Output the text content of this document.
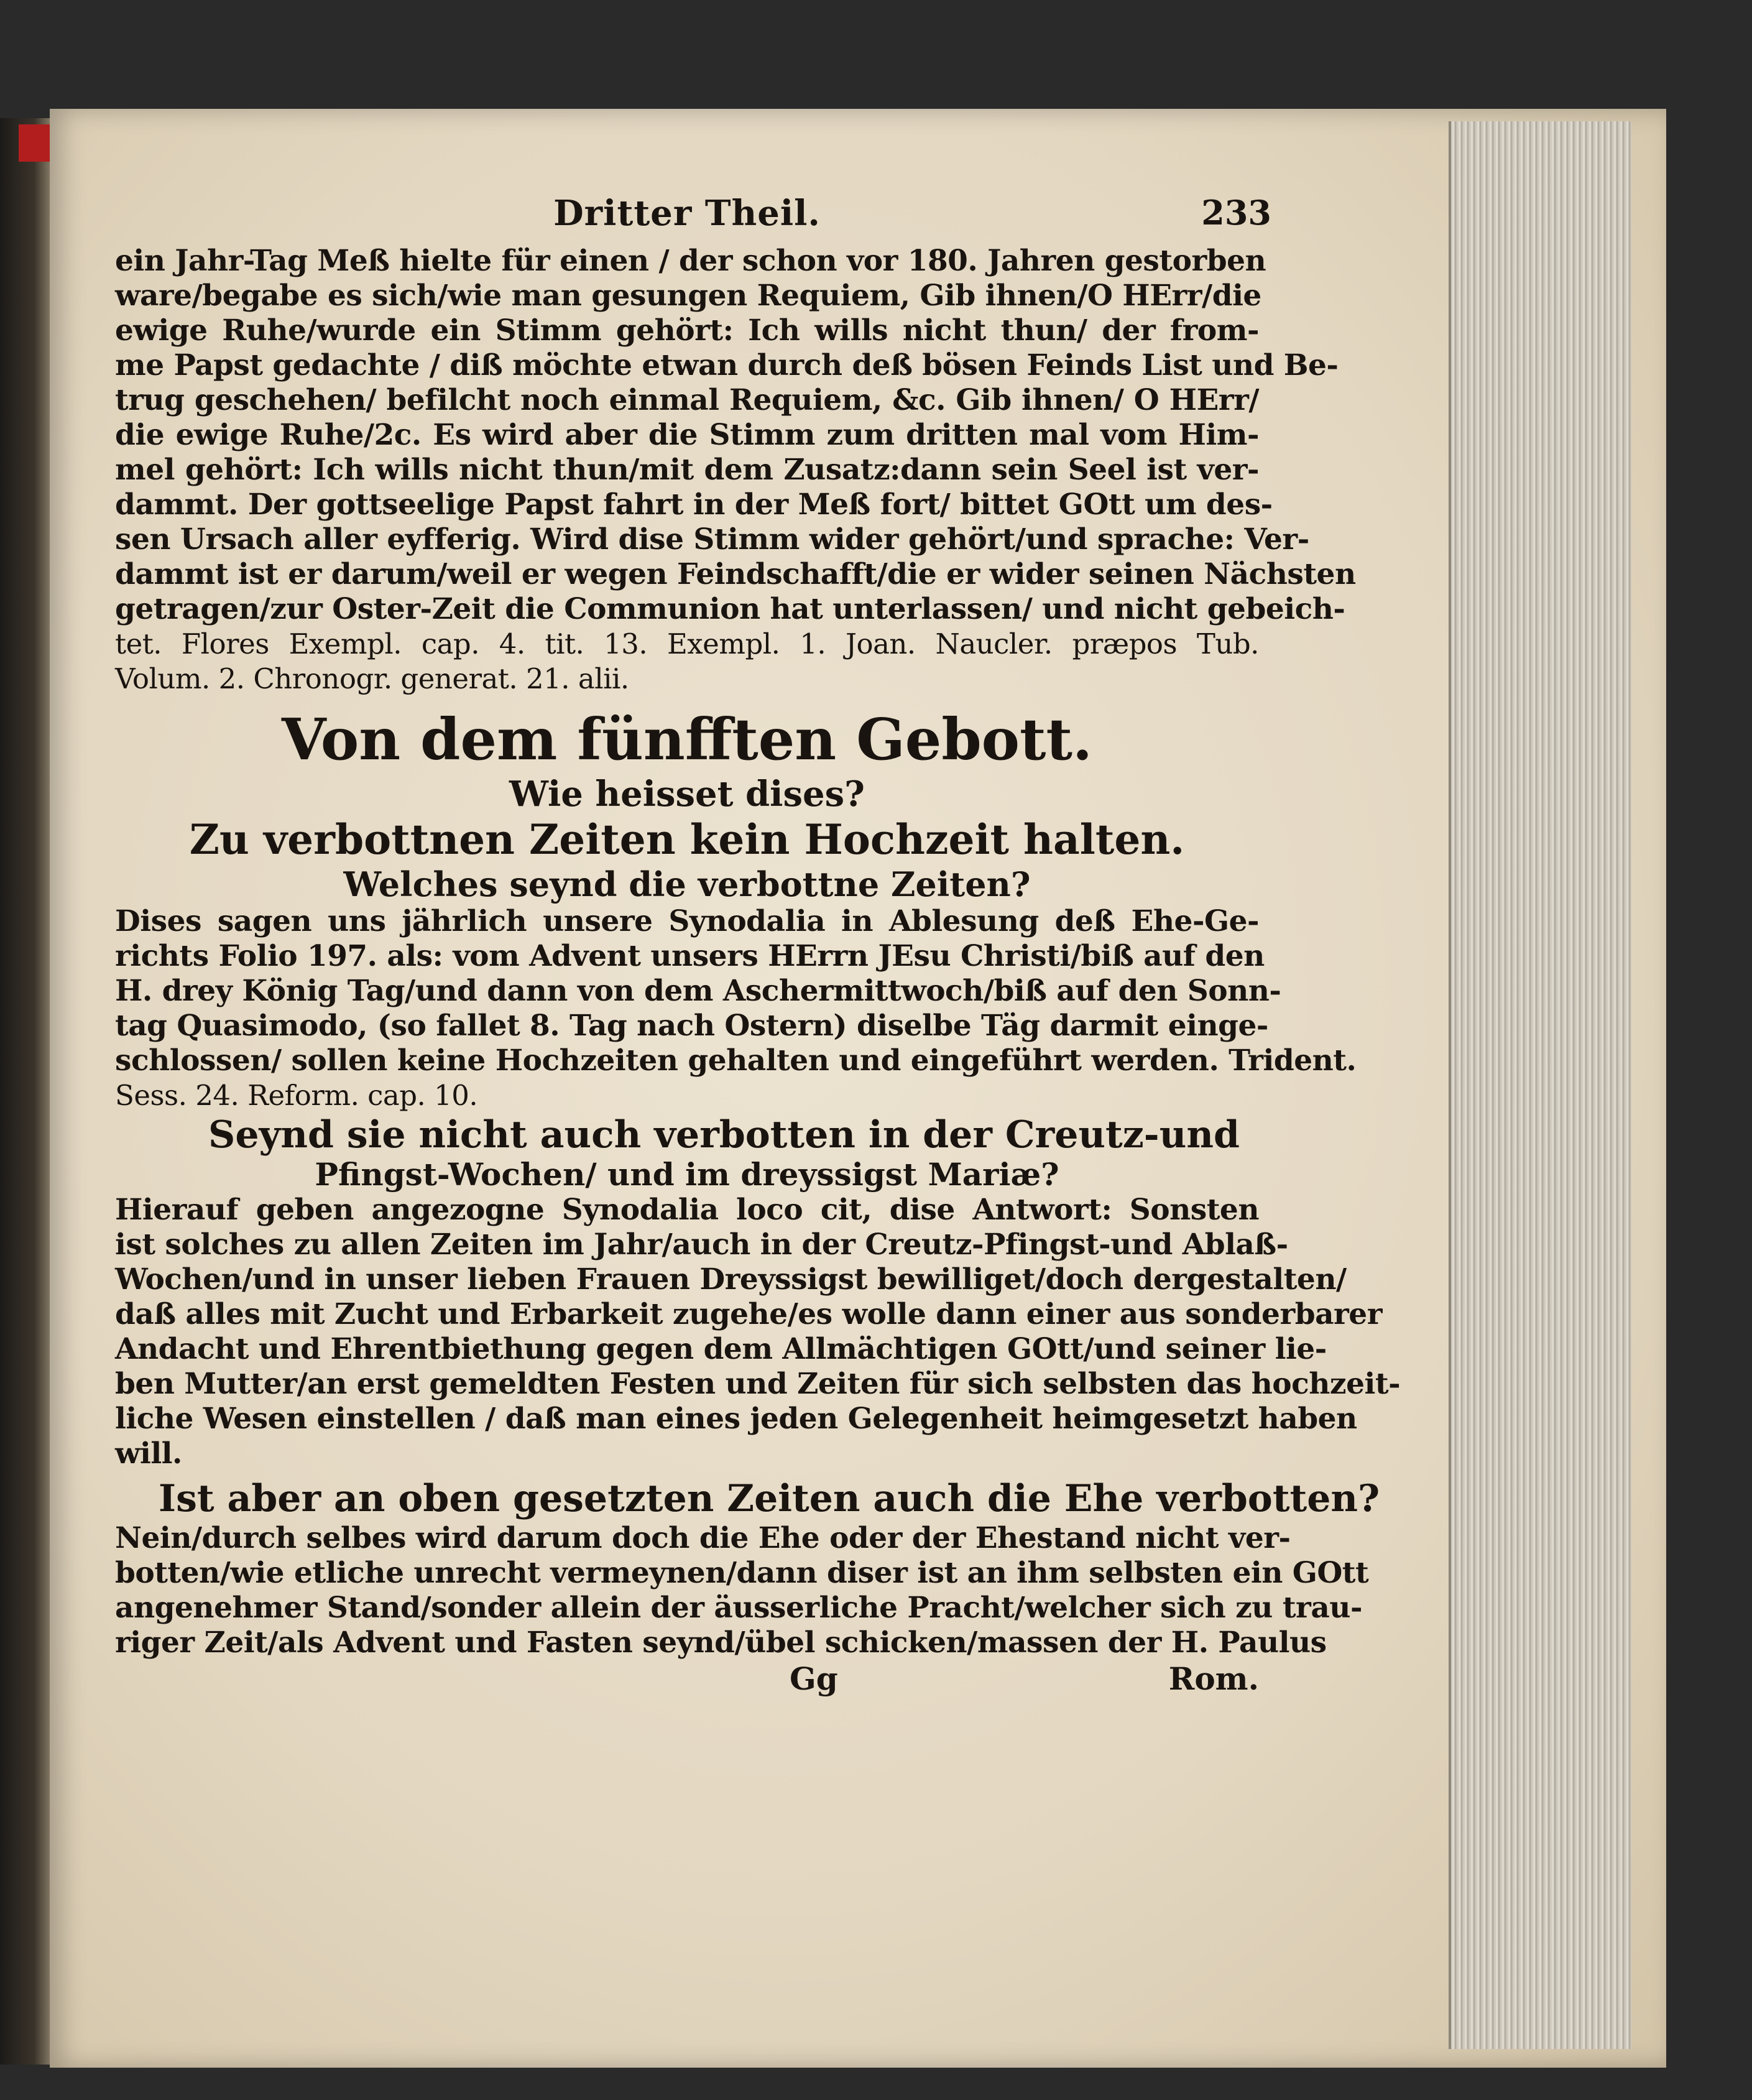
Dritter Theil.	233
ein Jahr-Tag Meß hielte für einen / der schon vor 180. Jahren gestorben
ware/begabe es sich/wie man gesungen Requiem, Gib ihnen/O HErr/die
ewige Ruhe/wurde ein Stimm gehört: Ich wills nicht thun/ der from-
me Papst gedachte / diß möchte etwan durch deß bösen Feinds List und Be-
trug geschehen/ befilcht noch einmal Requiem, &c. Gib ihnen/ O HErr/
die ewige Ruhe/2c. Es wird aber die Stimm zum dritten mal vom Him-
mel gehört: Ich wills nicht thun/mit dem Zusatz:dann sein Seel ist ver-
dammt. Der gottseelige Papst fahrt in der Meß fort/ bittet GOtt um des-
sen Ursach aller eyfferig. Wird dise Stimm wider gehört/und sprache: Ver-
dammt ist er darum/weil er wegen Feindschafft/die er wider seinen Nächsten
getragen/zur Oster-Zeit die Communion hat unterlassen/ und nicht gebeich-
tet. Flores Exempl. cap. 4. tit. 13. Exempl. 1. Joan. Naucler. præpos Tub.
Volum. 2. Chronogr. generat. 21. alii.
Von dem fünfften Gebott.
Wie heisset dises?
Zu verbottnen Zeiten kein Hochzeit halten.
Welches seynd die verbottne Zeiten?
Dises sagen uns jährlich unsere Synodalia in Ablesung deß Ehe-Ge-
richts Folio 197. als: vom Advent unsers HErrn JEsu Christi/biß auf den
H. drey König Tag/und dann von dem Aschermittwoch/biß auf den Sonn-
tag Quasimodo, (so fallet 8. Tag nach Ostern) diselbe Täg darmit einge-
schlossen/ sollen keine Hochzeiten gehalten und eingeführt werden. Trident.
Sess. 24. Reform. cap. 10.
Seynd sie nicht auch verbotten in der Creutz-und
Pfingst-Wochen/ und im dreyssigst Mariæ?
Hierauf geben angezogne Synodalia loco cit, dise Antwort: Sonsten
ist solches zu allen Zeiten im Jahr/auch in der Creutz-Pfingst-und Ablaß-
Wochen/und in unser lieben Frauen Dreyssigst bewilliget/doch dergestalten/
daß alles mit Zucht und Erbarkeit zugehe/es wolle dann einer aus sonderbarer
Andacht und Ehrentbiethung gegen dem Allmächtigen GOtt/und seiner lie-
ben Mutter/an erst gemeldten Festen und Zeiten für sich selbsten das hochzeit-
liche Wesen einstellen / daß man eines jeden Gelegenheit heimgesetzt haben
will.
Ist aber an oben gesetzten Zeiten auch die Ehe verbotten?
Nein/durch selbes wird darum doch die Ehe oder der Ehestand nicht ver-
botten/wie etliche unrecht vermeynen/dann diser ist an ihm selbsten ein GOtt
angenehmer Stand/sonder allein der äusserliche Pracht/welcher sich zu trau-
riger Zeit/als Advent und Fasten seynd/übel schicken/massen der H. Paulus
Gg	Rom.
